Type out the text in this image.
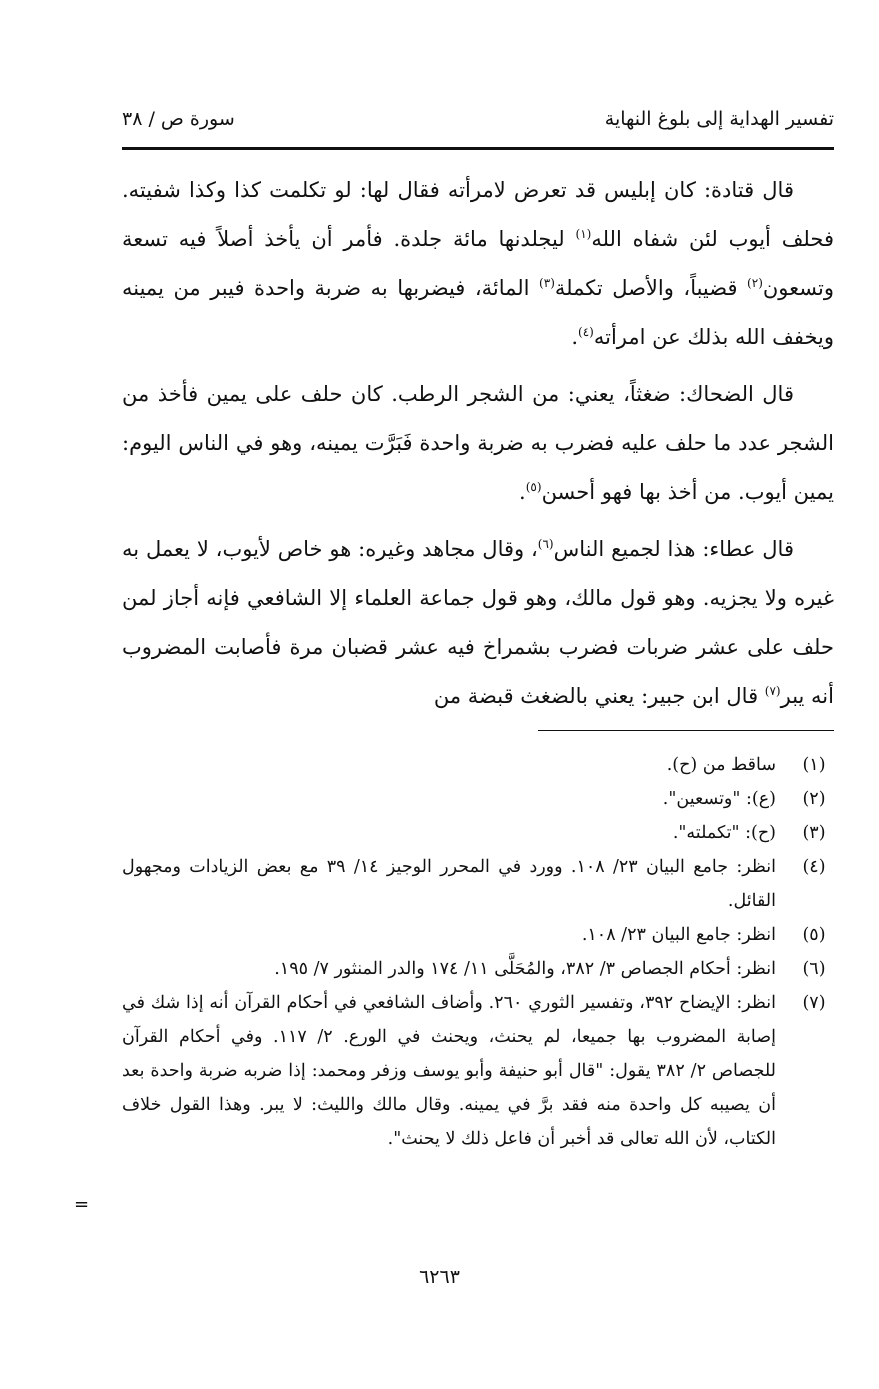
تفسير الهداية إلى بلوغ النهاية
سورة ص / ٣٨

قال قتادة: كان إبليس قد تعرض لامرأته فقال لها: لو تكلمت كذا وكذا شفيته. فحلف أيوب لئن شفاه الله$^{(١)}$ ليجلدنها مائة جلدة. فأمر أن يأخذ أصلاً فيه تسعة وتسعون$^{(٢)}$ قضيباً، والأصل تكملة$^{(٣)}$ المائة، فيضربها به ضربة واحدة فيبر من يمينه ويخفف الله بذلك عن امرأته$^{(٤)}$.

قال الضحاك: ضغثاً، يعني: من الشجر الرطب. كان حلف على يمين فأخذ من الشجر عدد ما حلف عليه فضرب به ضربة واحدة فَبَرَّت يمينه، وهو في الناس اليوم: يمين أيوب. من أخذ بها فهو أحسن$^{(٥)}$.

قال عطاء: هذا لجميع الناس$^{(٦)}$، وقال مجاهد وغيره: هو خاص لأيوب، لا يعمل به غيره ولا يجزيه. وهو قول مالك، وهو قول جماعة العلماء إلا الشافعي فإنه أجاز لمن حلف على عشر ضربات فضرب بشمراخ فيه عشر قضبان مرة فأصابت المضروب أنه يبر$^{(٧)}$ قال ابن جبير: يعني بالضغث قبضة من

(١)
ساقط من (ح).
(٢)
(ع): "وتسعين".
(٣)
(ح): "تكملته".
(٤)
انظر: جامع البيان ٢٣/ ١٠٨. وورد في المحرر الوجيز ١٤/ ٣٩ مع بعض الزيادات ومجهول القائل.
(٥)
انظر: جامع البيان ٢٣/ ١٠٨.
(٦)
انظر: أحكام الجصاص ٣/ ٣٨٢، والمُحَلَّى ١١/ ١٧٤ والدر المنثور ٧/ ١٩٥.
(٧)
انظر: الإيضاح ٣٩٢، وتفسير الثوري ٢٦٠. وأضاف الشافعي في أحكام القرآن أنه إذا شك في إصابة المضروب بها جميعا، لم يحنث، ويحنث في الورع. ٢/ ١١٧. وفي أحكام القرآن للجصاص ٢/ ٣٨٢ يقول: "قال أبو حنيفة وأبو يوسف وزفر ومحمد: إذا ضربه ضربة واحدة بعد أن يصيبه كل واحدة منه فقد برَّ في يمينه. وقال مالك والليث: لا يبر. وهذا القول خلاف الكتاب، لأن الله تعالى قد أخبر أن فاعل ذلك لا يحنث".
=
٦٢٦٣
